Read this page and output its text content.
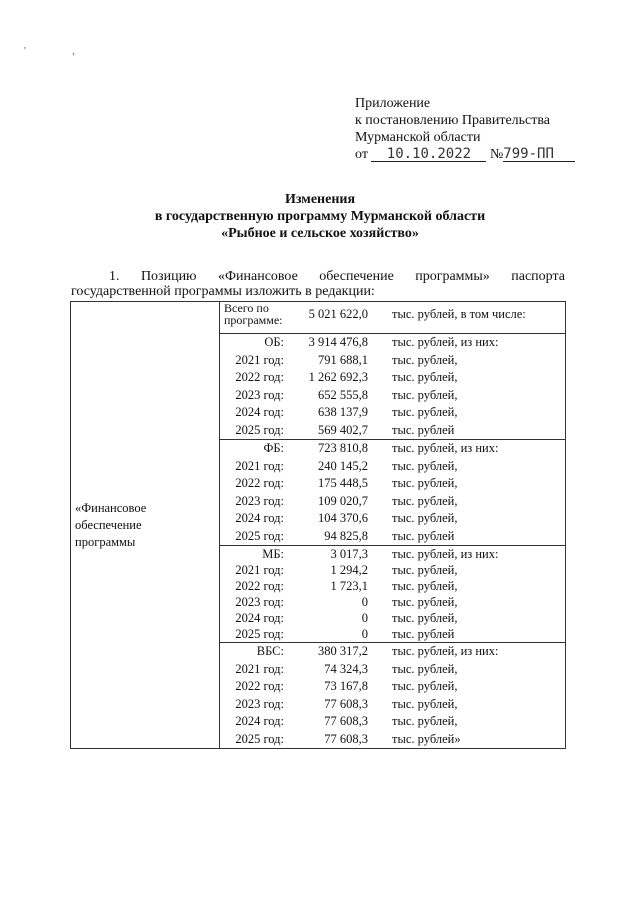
' ,
Приложение
к постановлению Правительства
Мурманской области
от 10.10.2022 №799-ПП
Изменения
в государственную программу Мурманской области
«Рыбное и сельское хозяйство»
1. Позицию «Финансовое обеспечение программы» паспорта
государственной программы изложить в редакции:
«Финансовое
обеспечение
программы

Всего по
программе:	5 021 622,0	тыс. рублей, в том числе:
ОБ:	3 914 476,8	тыс. рублей, из них:
2021 год:	791 688,1	тыс. рублей,
2022 год:	1 262 692,3	тыс. рублей,
2023 год:	652 555,8	тыс. рублей,
2024 год:	638 137,9	тыс. рублей,
2025 год:	569 402,7	тыс. рублей
ФБ:	723 810,8	тыс. рублей, из них:
2021 год:	240 145,2	тыс. рублей,
2022 год:	175 448,5	тыс. рублей,
2023 год:	109 020,7	тыс. рублей,
2024 год:	104 370,6	тыс. рублей,
2025 год:	94 825,8	тыс. рублей
МБ:	3 017,3	тыс. рублей, из них:
2021 год:	1 294,2	тыс. рублей,
2022 год:	1 723,1	тыс. рублей,
2023 год:	0	тыс. рублей,
2024 год:	0	тыс. рублей,
2025 год:	0	тыс. рублей
ВБС:	380 317,2	тыс. рублей, из них:
2021 год:	74 324,3	тыс. рублей,
2022 год:	73 167,8	тыс. рублей,
2023 год:	77 608,3	тыс. рублей,
2024 год:	77 608,3	тыс. рублей,
2025 год:	77 608,3	тыс. рублей»
